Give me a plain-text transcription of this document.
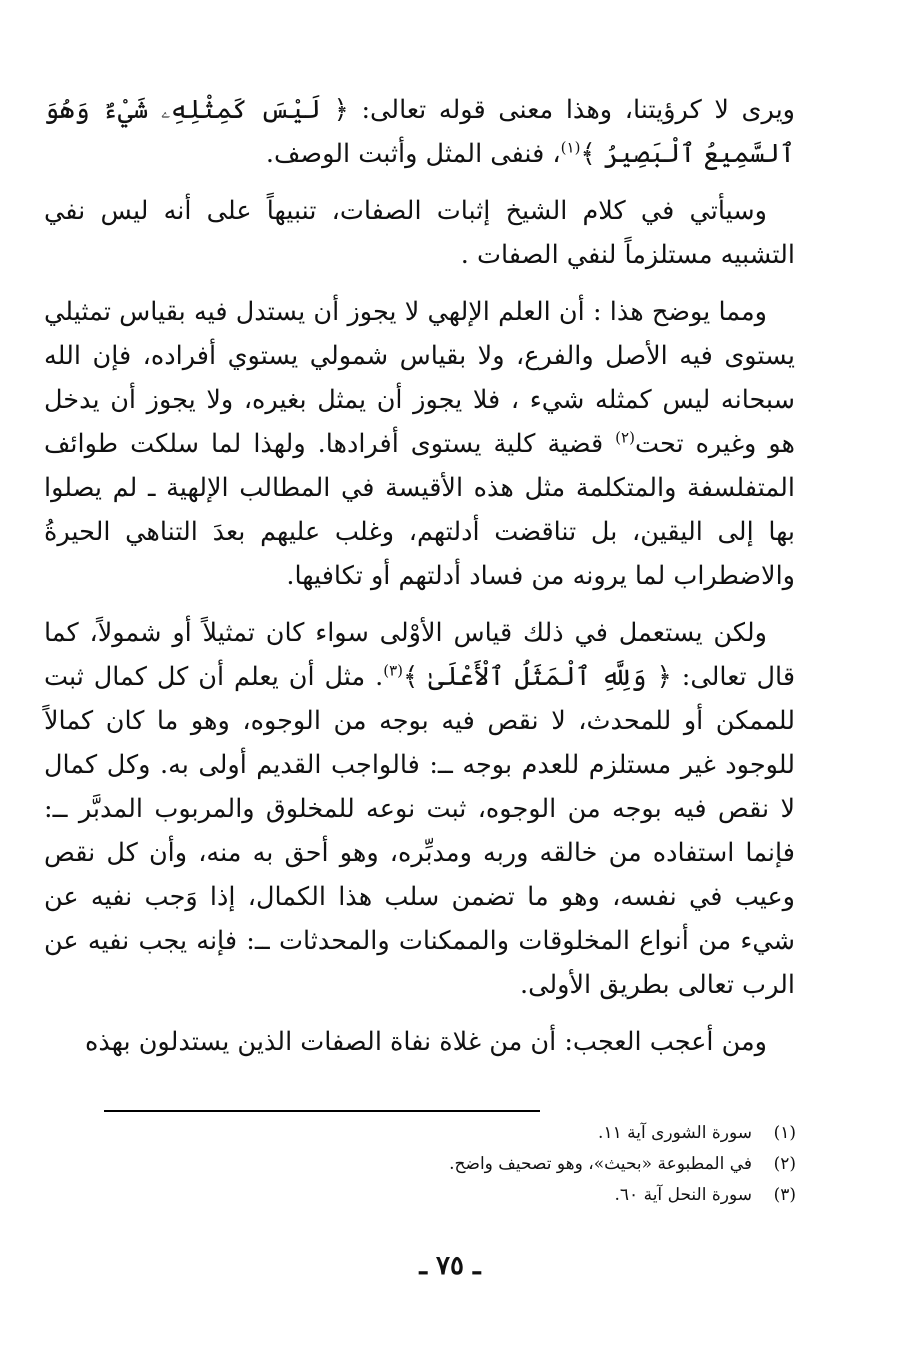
ويرى لا كرؤيتنا، وهذا معنى قوله تعالى: ﴿ لَيْسَ كَمِثْلِهِۦ شَيْءٌ وَهُوَ ٱلسَّمِيعُ ٱلْبَصِيرُ ﴾$^{(١)}$، فنفى المثل وأثبت الوصف.

وسيأتي في كلام الشيخ إثبات الصفات، تنبيهاً على أنه ليس نفي التشبيه مستلزماً لنفي الصفات .

ومما يوضح هذا : أن العلم الإلهي لا يجوز أن يستدل فيه بقياس تمثيلي يستوى فيه الأصل والفرع، ولا بقياس شمولي يستوي أفراده، فإن الله سبحانه ليس كمثله شيء ، فلا يجوز أن يمثل بغيره، ولا يجوز أن يدخل هو وغيره تحت$^{(٢)}$ قضية كلية يستوى أفرادها. ولهذا لما سلكت طوائف المتفلسفة والمتكلمة مثل هذه الأقيسة في المطالب الإلهية ـ لم يصلوا بها إلى اليقين، بل تناقضت أدلتهم، وغلب عليهم بعدَ التناهي الحيرةُ والاضطراب لما يرونه من فساد أدلتهم أو تكافيها.

ولكن يستعمل في ذلك قياس الأوْلى سواء كان تمثيلاً أو شمولاً، كما قال تعالى: ﴿ وَلِلَّهِ ٱلْمَثَلُ ٱلْأَعْلَىٰ ﴾$^{(٣)}$. مثل أن يعلم أن كل كمال ثبت للممكن أو للمحدث، لا نقص فيه بوجه من الوجوه، وهو ما كان كمالاً للوجود غير مستلزم للعدم بوجه ــ: فالواجب القديم أولى به. وكل كمال لا نقص فيه بوجه من الوجوه، ثبت نوعه للمخلوق والمربوب المدبَّر ــ: فإنما استفاده من خالقه وربه ومدبِّره، وهو أحق به منه، وأن كل نقص وعيب في نفسه، وهو ما تضمن سلب هذا الكمال، إذا وَجب نفيه عن شيء من أنواع المخلوقات والممكنات والمحدثات ــ: فإنه يجب نفيه عن الرب تعالى بطريق الأولى.

ومن أعجب العجب: أن من غلاة نفاة الصفات الذين يستدلون بهذه

(١)
سورة الشورى آية ١١.
(٢)
في المطبوعة «بحيث»، وهو تصحيف واضح.
(٣)
سورة النحل آية ٦٠.
ـ ٧٥ ـ
